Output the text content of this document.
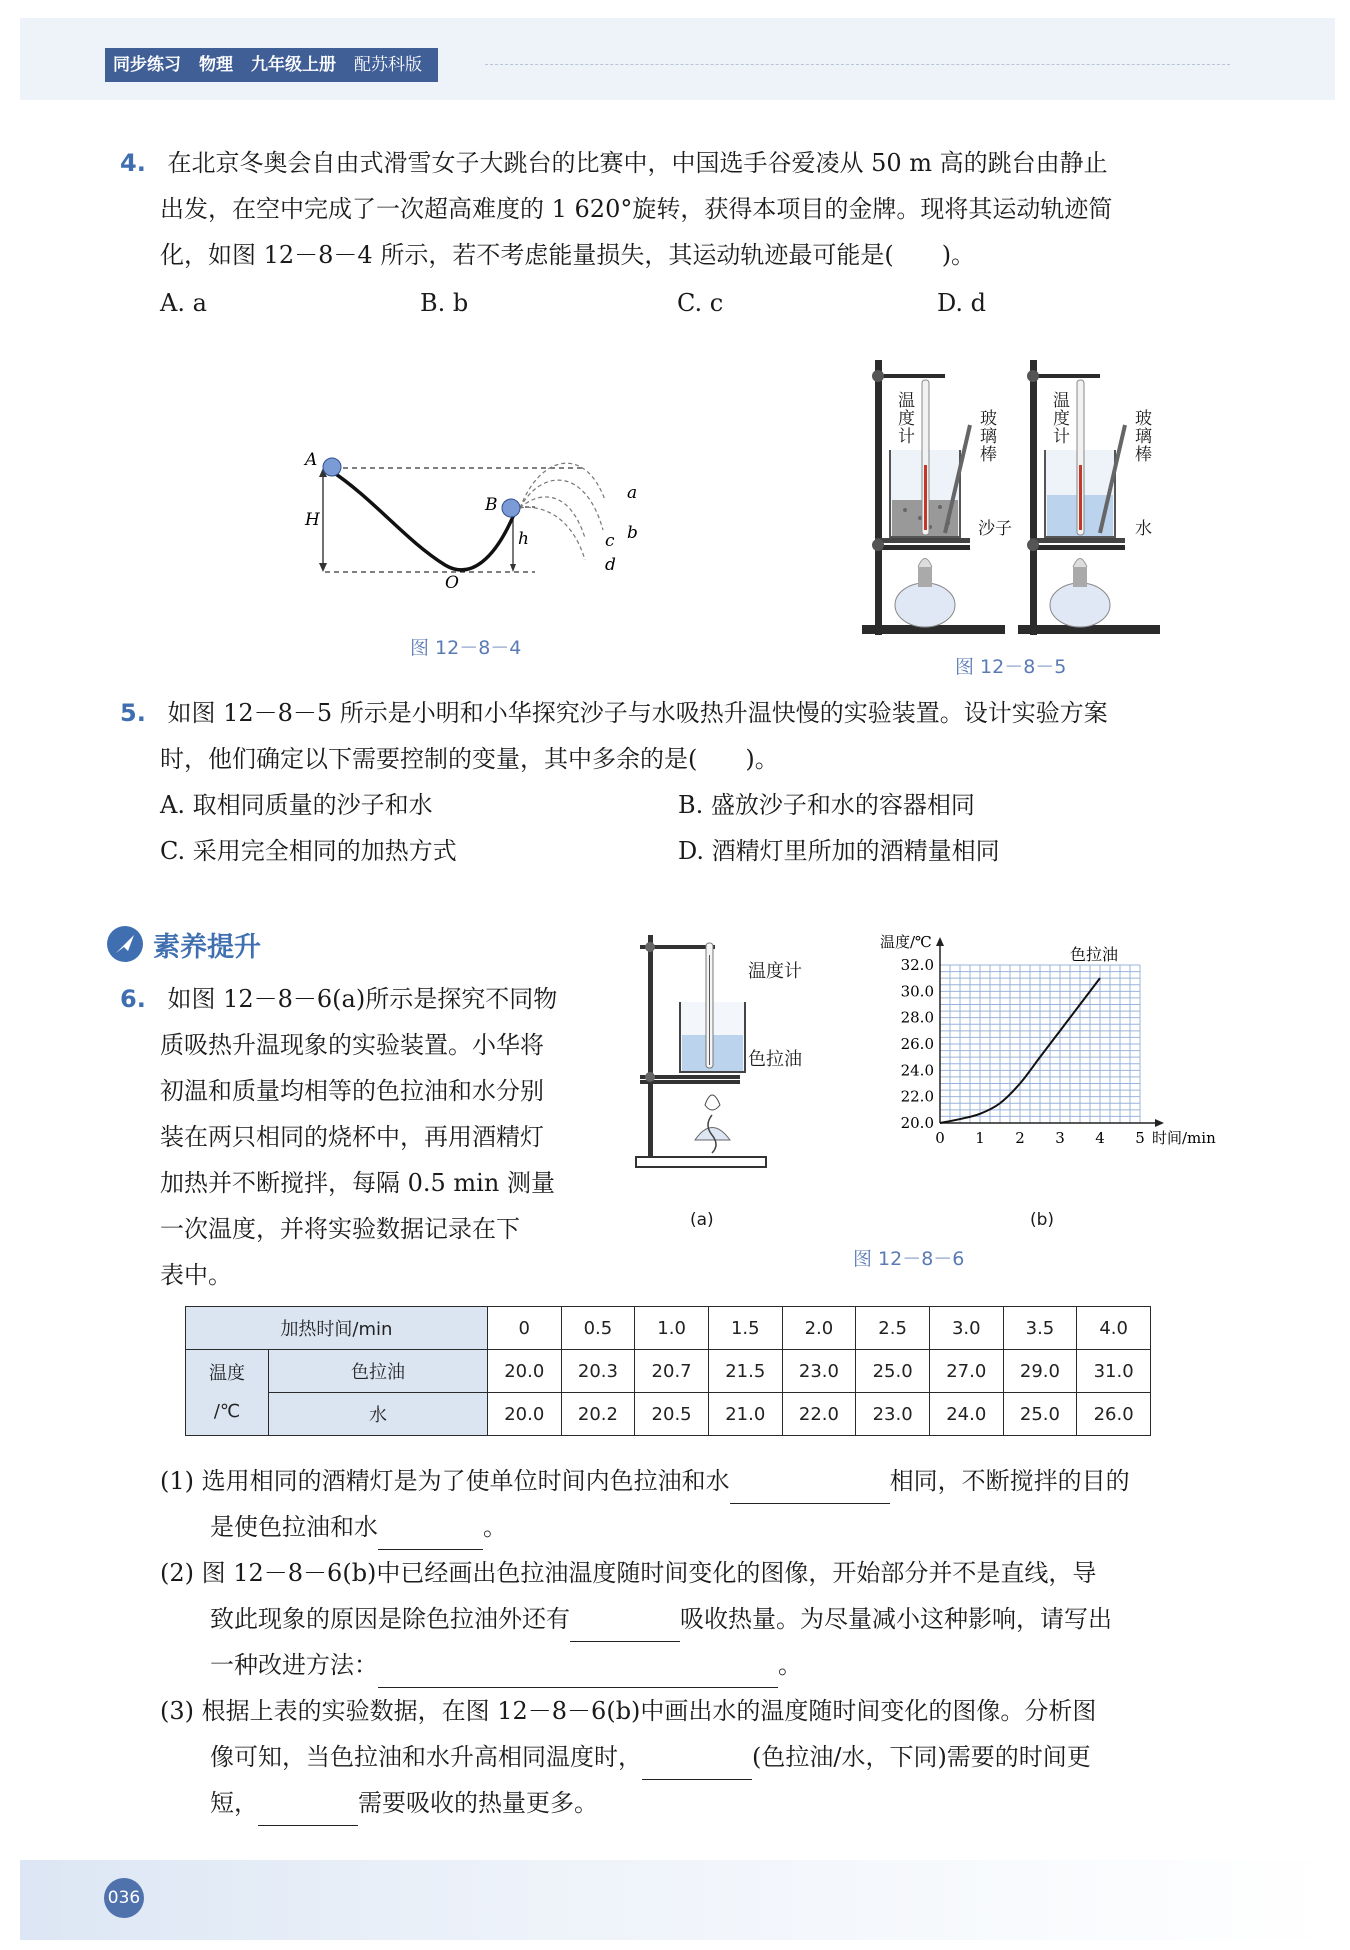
同步练习 物理 九年级上册 配苏科版
4. 在北京冬奥会自由式滑雪女子大跳台的比赛中，中国选手谷爱凌从 50 m 高的跳台由静止
出发，在空中完成了一次超高难度的 1 620°旋转，获得本项目的金牌。现将其运动轨迹简
化，如图 12－8－4 所示，若不考虑能量损失，其运动轨迹最可能是(　　)。
A. a	B. b	C. c	D. d
A
H
B
h
O
a
b
c
d
图 12－8－4
温度计
玻璃棒
沙子
温度计
玻璃棒
水
图 12－8－5
5. 如图 12－8－5 所示是小明和小华探究沙子与水吸热升温快慢的实验装置。设计实验方案
时，他们确定以下需要控制的变量，其中多余的是(　　)。
A. 取相同质量的沙子和水	B. 盛放沙子和水的容器相同
C. 采用完全相同的加热方式	D. 酒精灯里所加的酒精量相同
素养提升
6. 如图 12－8－6(a)所示是探究不同物
质吸热升温现象的实验装置。小华将
初温和质量均相等的色拉油和水分别
装在两只相同的烧杯中，再用酒精灯
加热并不断搅拌，每隔 0.5 min 测量
一次温度，并将实验数据记录在下
表中。
温度计
色拉油
(a)
0 1 2 3 4 5
20.0
22.0
24.0
26.0
28.0
30.0
32.0
时间/min
温度/℃
色拉油
(b)
图 12－8－6
加热时间/min		0	0.5	1.0	1.5	2.0	2.5	3.0	3.5	4.0

温度
/℃	色拉油	20.0	20.3	20.7	21.5	23.0	25.0	27.0	29.0	31.0
	水	20.0	20.2	20.5	21.0	22.0	23.0	24.0	25.0	26.0
(1) 选用相同的酒精灯是为了使单位时间内色拉油和水	相同，不断搅拌的目的
是使色拉油和水	。
(2) 图 12－8－6(b)中已经画出色拉油温度随时间变化的图像，开始部分并不是直线，导
致此现象的原因是除色拉油外还有	吸收热量。为尽量减小这种影响，请写出
一种改进方法：	。
(3) 根据上表的实验数据，在图 12－8－6(b)中画出水的温度随时间变化的图像。分析图
像可知，当色拉油和水升高相同温度时，	(色拉油/水，下同)需要的时间更
短，	需要吸收的热量更多。
036
